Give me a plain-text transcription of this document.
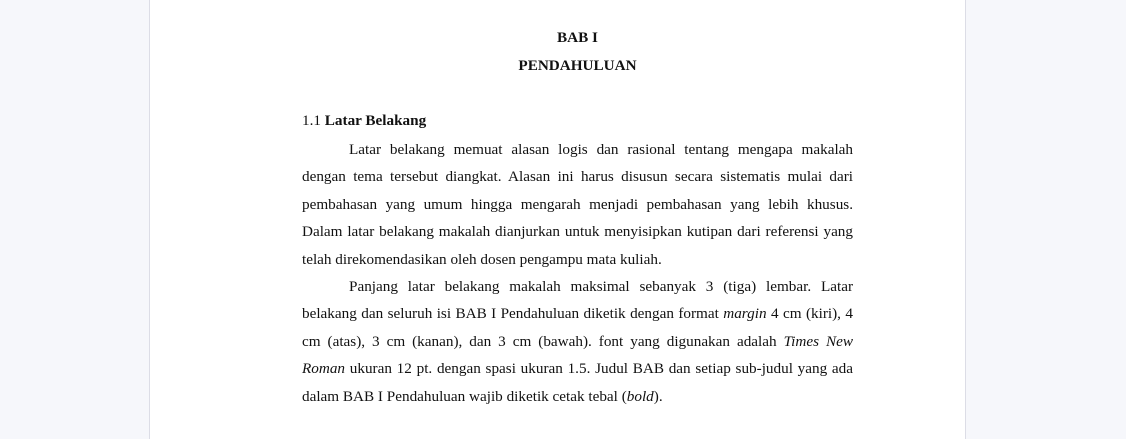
BAB I
PENDAHULUAN
1.1 Latar Belakang

Latar belakang memuat alasan logis dan rasional tentang mengapa makalah dengan tema tersebut diangkat. Alasan ini harus disusun secara sistematis mulai dari pembahasan yang umum hingga mengarah menjadi pembahasan yang lebih khusus. Dalam latar belakang makalah dianjurkan untuk menyisipkan kutipan dari referensi yang telah direkomendasikan oleh dosen pengampu mata kuliah.

Panjang latar belakang makalah maksimal sebanyak 3 (tiga) lembar. Latar belakang dan seluruh isi BAB I Pendahuluan diketik dengan format margin 4 cm (kiri), 4 cm (atas), 3 cm (kanan), dan 3 cm (bawah). font yang digunakan adalah Times New Roman ukuran 12 pt. dengan spasi ukuran 1.5. Judul BAB dan setiap sub-judul yang ada dalam BAB I Pendahuluan wajib diketik cetak tebal (bold).
